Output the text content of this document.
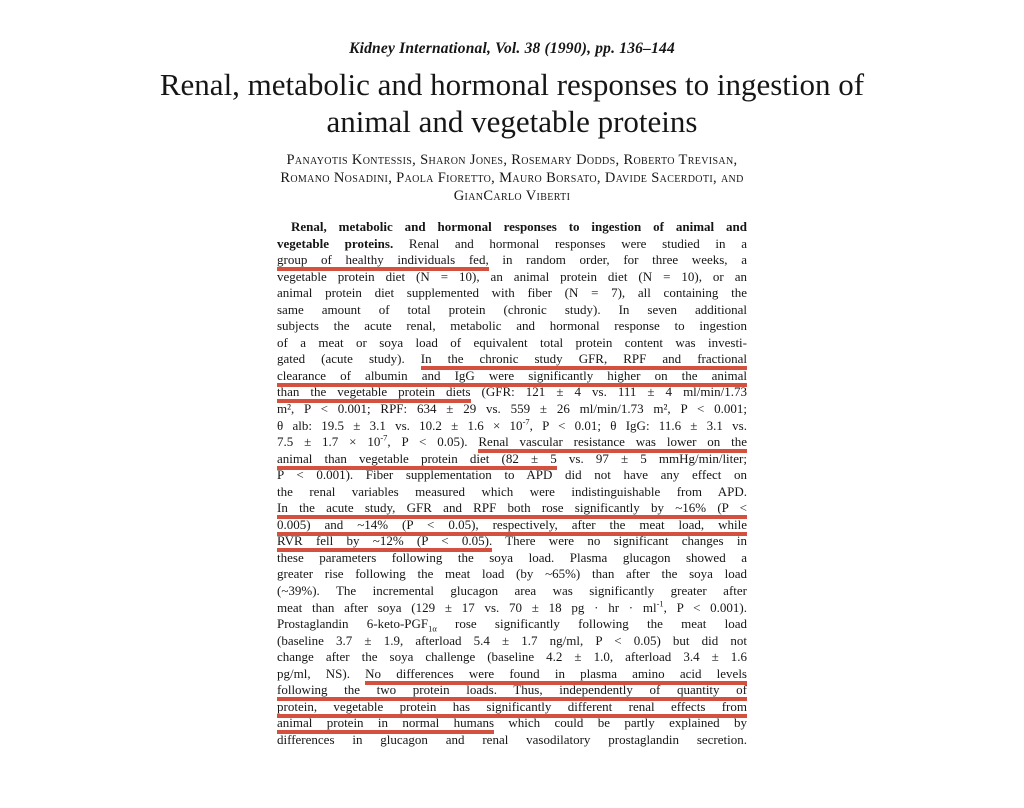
Kidney International, Vol. 38 (1990), pp. 136–144
Renal, metabolic and hormonal responses to ingestion of
animal and vegetable proteins
Panayotis Kontessis, Sharon Jones, Rosemary Dodds, Roberto Trevisan,
Romano Nosadini, Paola Fioretto, Mauro Borsato, Davide Sacerdoti, and
GianCarlo Viberti
Renal, metabolic and hormonal responses to ingestion of animal and
vegetable proteins. Renal and hormonal responses were studied in a
group of healthy individuals fed, in random order, for three weeks, a
vegetable protein diet (N = 10), an animal protein diet (N = 10), or an
animal protein diet supplemented with fiber (N = 7), all containing the
same amount of total protein (chronic study). In seven additional
subjects the acute renal, metabolic and hormonal response to ingestion
of a meat or soya load of equivalent total protein content was investi-
gated (acute study). In the chronic study GFR, RPF and fractional
clearance of albumin and IgG were significantly higher on the animal
than the vegetable protein diets (GFR: 121 ± 4 vs. 111 ± 4 ml/min/1.73
m², P < 0.001; RPF: 634 ± 29 vs. 559 ± 26 ml/min/1.73 m², P < 0.001;
θ alb: 19.5 ± 3.1 vs. $10.2 \pm 1.6 \times 10^{-7}$, P < 0.01; θ IgG: 11.6 ± 3.1 vs.
$7.5 \pm 1.7 \times 10^{-7}$, P < 0.05). Renal vascular resistance was lower on the
animal than vegetable protein diet (82 ± 5 vs. 97 ± 5 mmHg/min/liter;
P < 0.001). Fiber supplementation to APD did not have any effect on
the renal variables measured which were indistinguishable from APD.
In the acute study, GFR and RPF both rose significantly by ~16% (P <
0.005) and ~14% (P < 0.05), respectively, after the meat load, while
RVR fell by ~12% (P < 0.05). There were no significant changes in
these parameters following the soya load. Plasma glucagon showed a
greater rise following the meat load (by ~65%) than after the soya load
(~39%). The incremental glucagon area was significantly greater after
meat than after soya (129 ± 17 vs. 70 ± 18 pg · hr · $ml^{-1}$, P < 0.001).
Prostaglandin $6-keto-PGF_{1\alpha}$ rose significantly following the meat load
(baseline 3.7 ± 1.9, afterload 5.4 ± 1.7 ng/ml, P < 0.05) but did not
change after the soya challenge (baseline 4.2 ± 1.0, afterload 3.4 ± 1.6
pg/ml, NS). No differences were found in plasma amino acid levels
following the two protein loads. Thus, independently of quantity of
protein, vegetable protein has significantly different renal effects from
animal protein in normal humans which could be partly explained by
differences in glucagon and renal vasodilatory prostaglandin secretion.
